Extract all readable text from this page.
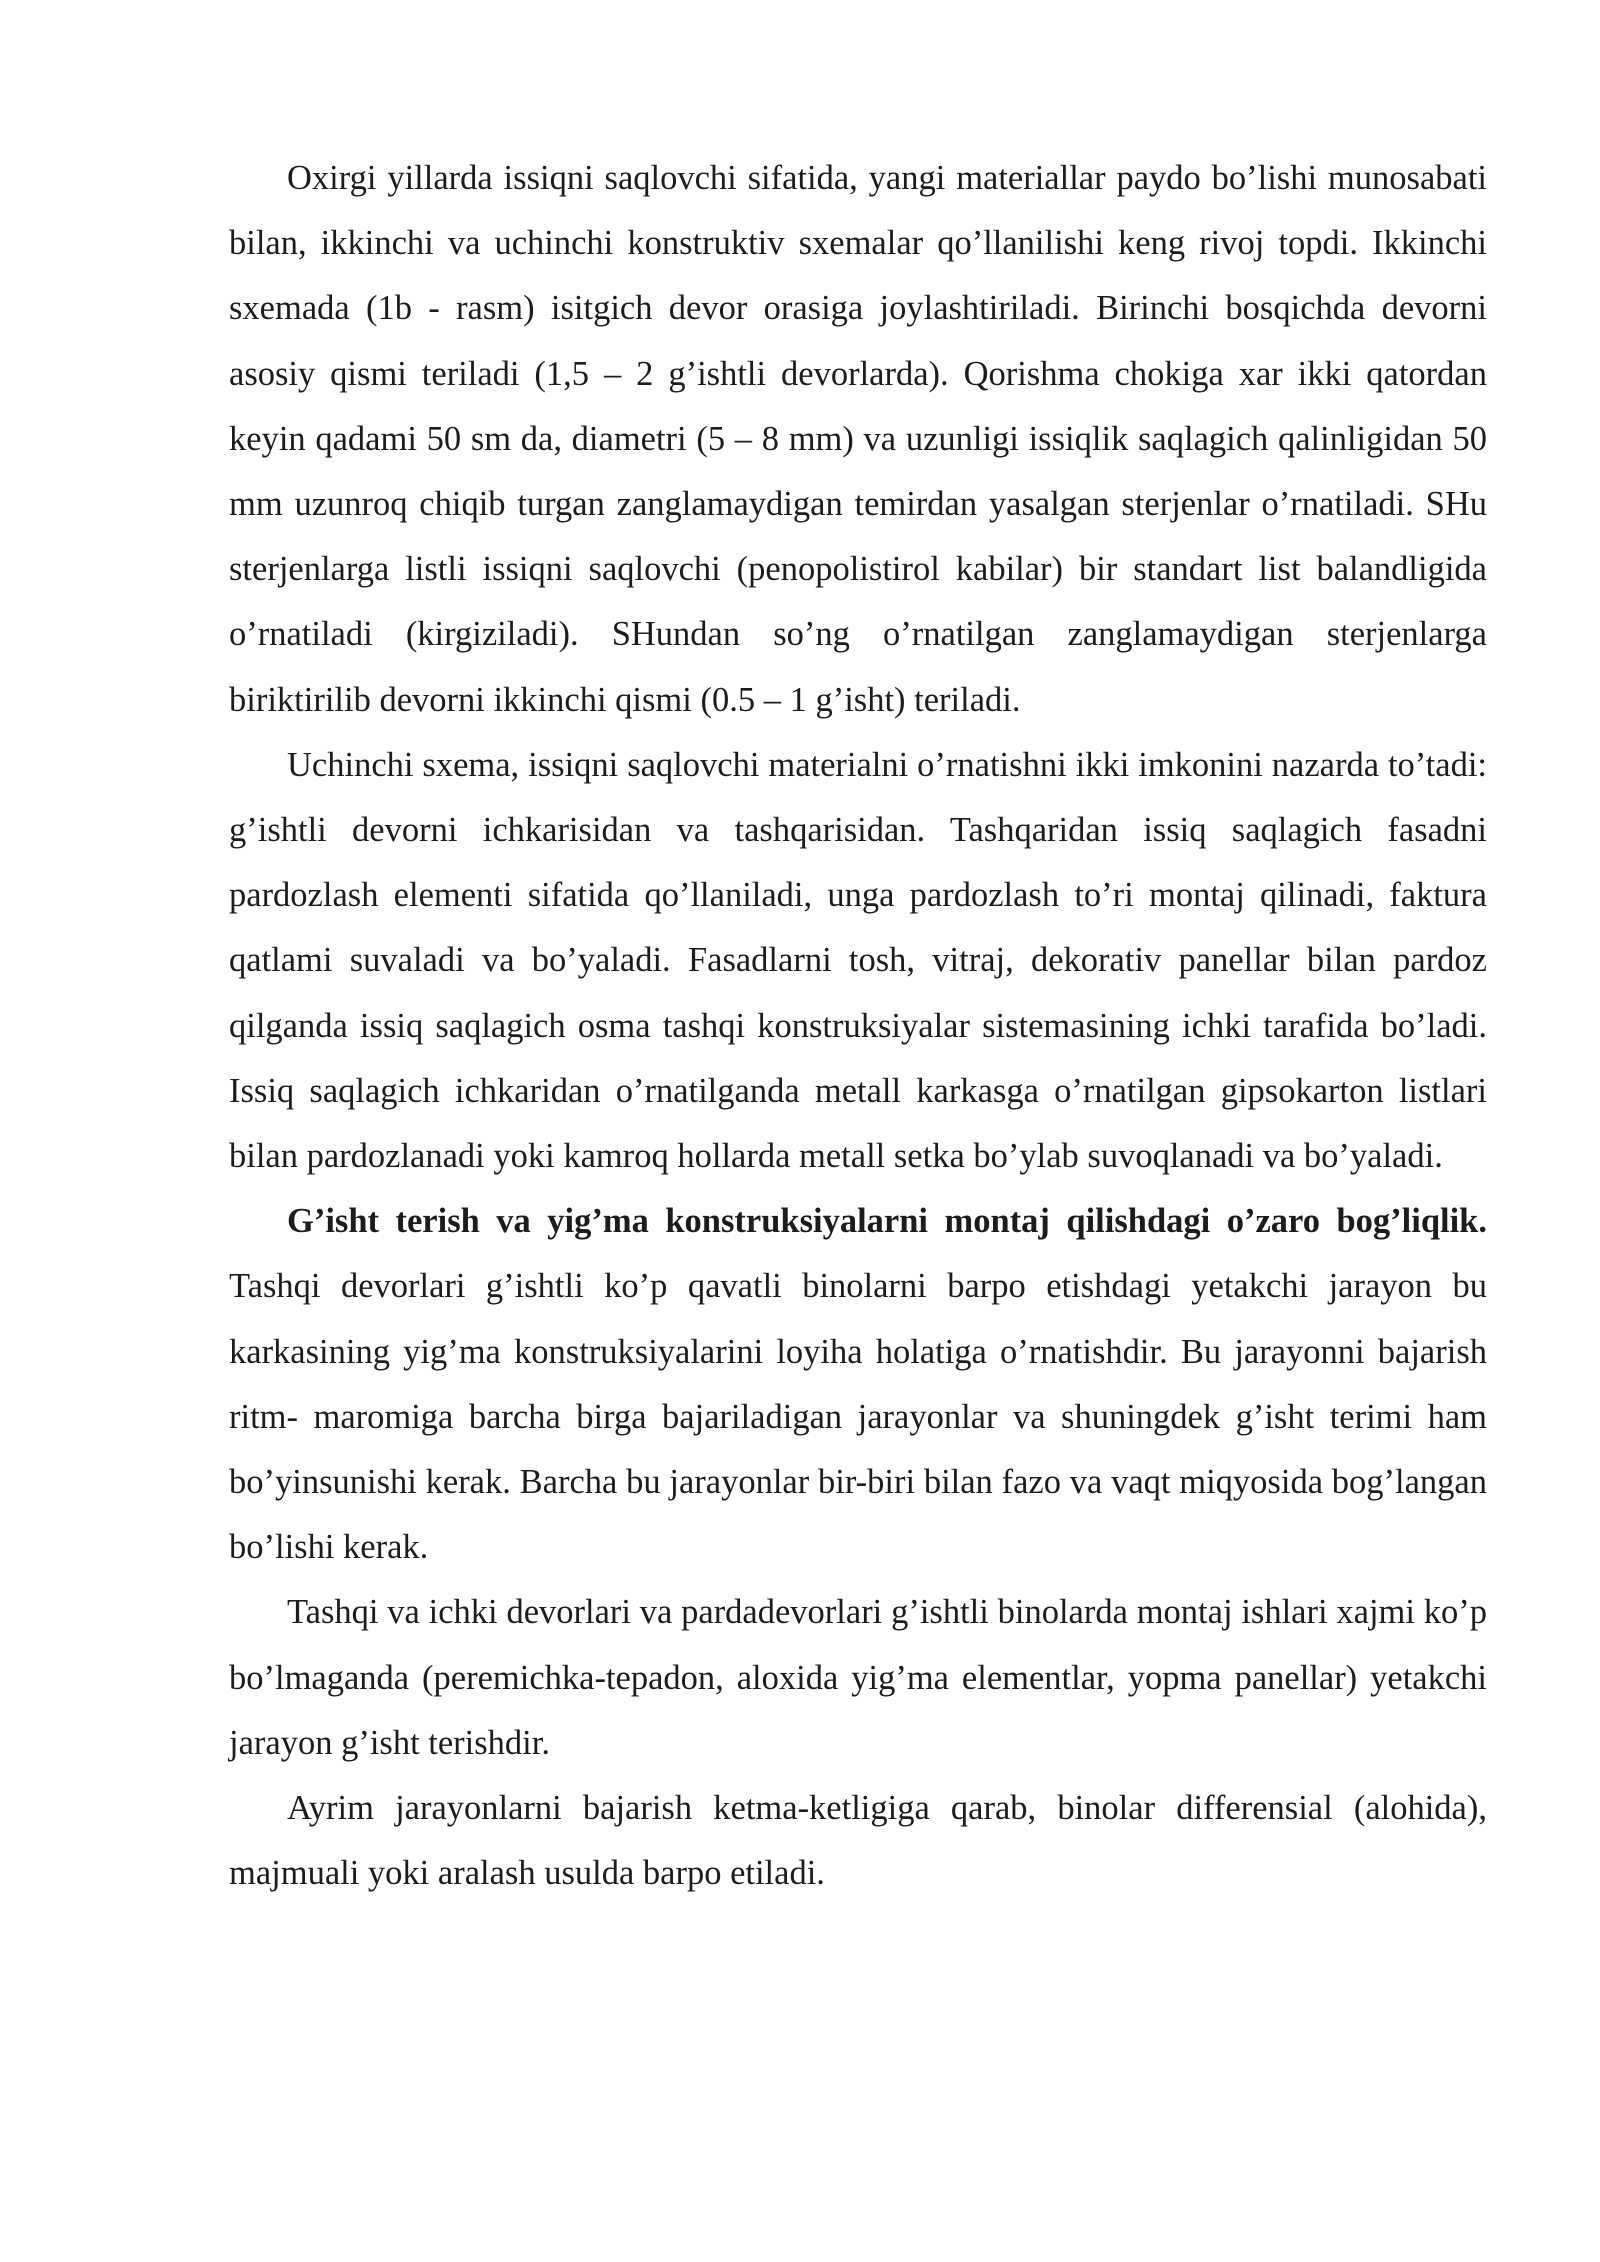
Oxirgi yillarda issiqni saqlovchi sifatida, yangi materiallar paydo bo’lishi munosabati bilan, ikkinchi va uchinchi konstruktiv sxemalar qo’llanilishi keng rivoj topdi. Ikkinchi sxemada (1b - rasm) isitgich devor orasiga joylashtiriladi. Birinchi bosqichda devorni asosiy qismi teriladi (1,5 – 2 g’ishtli devorlarda). Qorishma chokiga xar ikki qatordan keyin qadami 50 sm da, diametri (5 – 8 mm) va uzunligi issiqlik saqlagich qalinligidan 50 mm uzunroq chiqib turgan zanglamaydigan temirdan yasalgan sterjenlar o’rnatiladi. SHu sterjenlarga listli issiqni saqlovchi (penopolistirol kabilar) bir standart list balandligida o’rnatiladi (kirgiziladi). SHundan so’ng o’rnatilgan zanglamaydigan sterjenlarga biriktirilib devorni ikkinchi qismi (0.5 – 1 g’isht) teriladi.

Uchinchi sxema, issiqni saqlovchi materialni o’rnatishni ikki imkonini nazarda to’tadi: g’ishtli devorni ichkarisidan va tashqarisidan. Tashqaridan issiq saqlagich fasadni pardozlash elementi sifatida qo’llaniladi, unga pardozlash to’ri montaj qilinadi, faktura qatlami suvaladi va bo’yaladi. Fasadlarni tosh, vitraj, dekorativ panellar bilan pardoz qilganda issiq saqlagich osma tashqi konstruksiyalar sistemasining ichki tarafida bo’ladi. Issiq saqlagich ichkaridan o’rnatilganda metall karkasga o’rnatilgan gipsokarton listlari bilan pardozlanadi yoki kamroq hollarda metall setka bo’ylab suvoqlanadi va bo’yaladi.

G’isht terish va yig’ma konstruksiyalarni montaj qilishdagi o’zaro bog’liqlik. Tashqi devorlari g’ishtli ko’p qavatli binolarni barpo etishdagi yetakchi jarayon bu karkasining yig’ma konstruksiyalarini loyiha holatiga o’rnatishdir. Bu jarayonni bajarish ritm- maromiga barcha birga bajariladigan jarayonlar va shuningdek g’isht terimi ham bo’yinsunishi kerak. Barcha bu jarayonlar bir-biri bilan fazo va vaqt miqyosida bog’langan bo’lishi kerak.

Tashqi va ichki devorlari va pardadevorlari g’ishtli binolarda montaj ishlari xajmi ko’p bo’lmaganda (peremichka-tepadon, aloxida yig’ma elementlar, yopma panellar) yetakchi jarayon g’isht terishdir.

Ayrim jarayonlarni bajarish ketma-ketligiga qarab, binolar differensial (alohida), majmuali yoki aralash usulda barpo etiladi.
